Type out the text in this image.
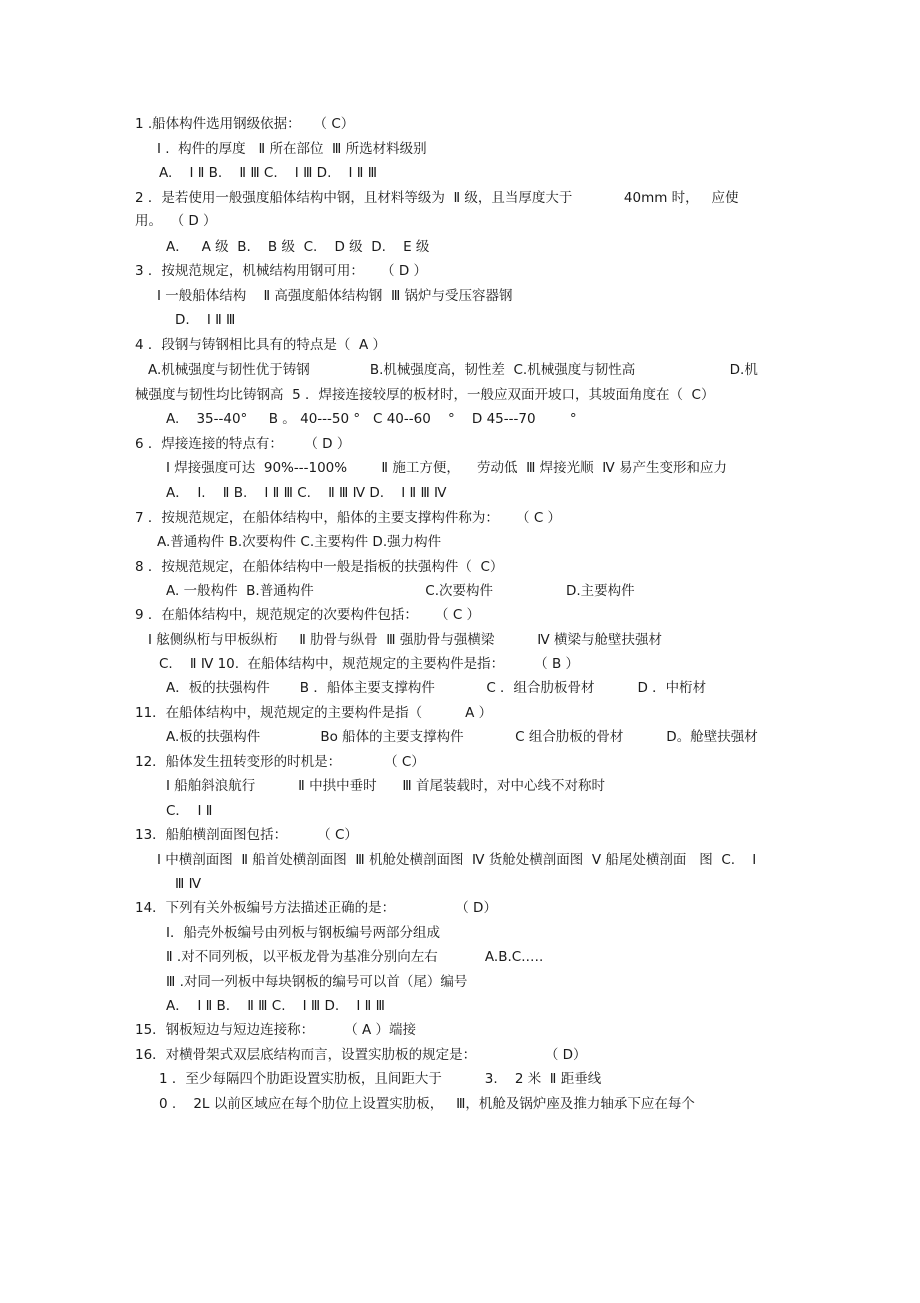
1 .船体构件选用钢级依据：   （ C）
Ⅰ .  构件的厚度   Ⅱ 所在部位  Ⅲ 所选材料级别
A.    Ⅰ Ⅱ B.    Ⅱ Ⅲ C.    Ⅰ Ⅲ D.    Ⅰ Ⅱ Ⅲ
2 ．是若使用一般强度船体结构中钢，且材料等级为  Ⅱ 级，且当厚度大于            40mm 时，   应使
用。  （ D ）
A．   A 级  B.    B 级  C.    D 级  D.    E 级
3 ．按规范规定，机械结构用钢可用：    （ D ）
Ⅰ 一般船体结构    Ⅱ 高强度船体结构钢  Ⅲ 锅炉与受压容器钢
D.    Ⅰ Ⅱ Ⅲ
4 ．段钢与铸钢相比具有的特点是（  A ）
A.机械强度与韧性优于铸钢              B.机械强度高，韧性差  C.机械强度与韧性高                      D.机
械强度与韧性均比铸钢高  5 ．焊接连接较厚的板材时，一般应双面开坡口，其坡面角度在（  C）
A.    35--40°     B 。 40---50 °   C 40--60    °    D 45---70        °
6 ．焊接连接的特点有：     （ D ）
Ⅰ 焊接强度可达  90%---100%        Ⅱ 施工方便，    劳动低  Ⅲ 焊接光顺  Ⅳ 易产生变形和应力
A．  Ⅰ.    Ⅱ B.    Ⅰ Ⅱ Ⅲ C.    Ⅱ Ⅲ Ⅳ D.    Ⅰ Ⅱ Ⅲ Ⅳ
7 ．按规范规定，在船体结构中，船体的主要支撑构件称为：    （ C ）
A.普通构件 B.次要构件 C.主要构件 D.强力构件
8 ．按规范规定，在船体结构中一般是指板的扶强构件（  C）
A. 一般构件  B.普通构件                          C.次要构件                 D.主要构件
9 ．在船体结构中，规范规定的次要构件包括：    （ C ）
Ⅰ 舷侧纵桁与甲板纵桁     Ⅱ 肋骨与纵骨  Ⅲ 强肋骨与强横梁          Ⅳ 横梁与舱壁扶强材
C.    Ⅱ Ⅳ 10.  在船体结构中，规范规定的主要构件是指：       （ B ）
A．板的扶强构件       B ．船体主要支撑构件            C ．组合肋板骨材          D ．中桁材
11．在船体结构中，规范规定的主要构件是指（          A ）
A.板的扶强构件              Bo 船体的主要支撑构件            C 组合肋板的骨材          D。舱壁扶强材
12．船体发生扭转变形的时机是：          （ C）
Ⅰ 船舶斜浪航行          Ⅱ 中拱中垂时      Ⅲ 首尾装载时，对中心线不对称时
C．  Ⅰ Ⅱ
13．船舶横剖面图包括：       （ C）
Ⅰ 中横剖面图  Ⅱ 船首处横剖面图  Ⅲ 机舱处横剖面图  Ⅳ 货舱处横剖面图  Ⅴ 船尾处横剖面   图  C.    Ⅰ
Ⅲ Ⅳ
14．下列有关外板编号方法描述正确的是：              （ D）
Ⅰ．船壳外板编号由列板与钢板编号两部分组成
Ⅱ .对不同列板，以平板龙骨为基准分别向左右           A.B.C.….
Ⅲ .对同一列板中每块钢板的编号可以首（尾）编号
A．  Ⅰ Ⅱ B.    Ⅱ Ⅲ C.    Ⅰ Ⅲ D.    Ⅰ Ⅱ Ⅲ
15．钢板短边与短边连接称：       （ A ）端接
16．对横骨架式双层底结构而言，设置实肋板的规定是：                （ D）
1 ．至少每隔四个肋距设置实肋板，且间距大于          3.    2 米  Ⅱ 距垂线
0 .    2L 以前区域应在每个肋位上设置实肋板，   Ⅲ，机舱及锅炉座及推力轴承下应在每个
